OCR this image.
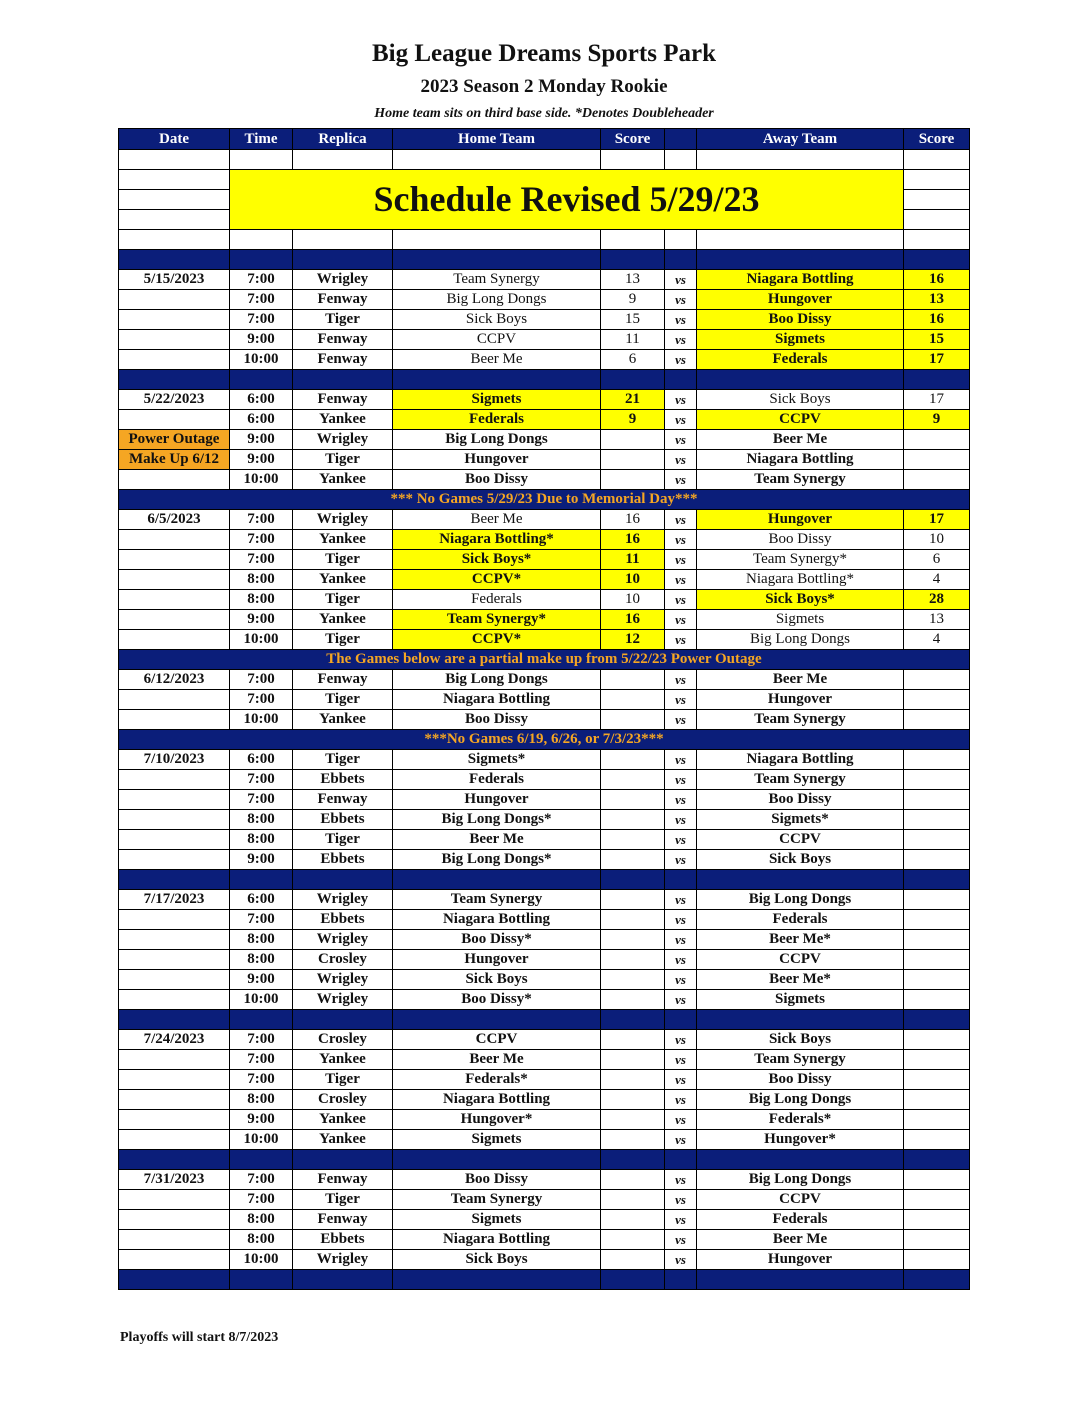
Big League Dreams Sports Park
2023 Season 2 Monday Rookie
Home team sits on third base side. *Denotes Doubleheader
Date	Time	Replica	Home Team	Score		Away Team	Score

	Schedule Revised 5/29/23						

5/15/2023	7:00	Wrigley	Team Synergy	13	vs	Niagara Bottling	16
	7:00	Fenway	Big Long Dongs	9	vs	Hungover	13
	7:00	Tiger	Sick Boys	15	vs	Boo Dissy	16
	9:00	Fenway	CCPV	11	vs	Sigmets	15
	10:00	Fenway	Beer Me	6	vs	Federals	17

5/22/2023	6:00	Fenway	Sigmets	21	vs	Sick Boys	17
	6:00	Yankee	Federals	9	vs	CCPV	9
Power Outage	9:00	Wrigley	Big Long Dongs		vs	Beer Me	
Make Up 6/12	9:00	Tiger	Hungover		vs	Niagara Bottling	
	10:00	Yankee	Boo Dissy		vs	Team Synergy	
*** No Games 5/29/23 Due to Memorial Day***							
6/5/2023	7:00	Wrigley	Beer Me	16	vs	Hungover	17
	7:00	Yankee	Niagara Bottling*	16	vs	Boo Dissy	10
	7:00	Tiger	Sick Boys*	11	vs	Team Synergy*	6
	8:00	Yankee	CCPV*	10	vs	Niagara Bottling*	4
	8:00	Tiger	Federals	10	vs	Sick Boys*	28
	9:00	Yankee	Team Synergy*	16	vs	Sigmets	13
	10:00	Tiger	CCPV*	12	vs	Big Long Dongs	4
The Games below are a partial make up from 5/22/23 Power Outage							
6/12/2023	7:00	Fenway	Big Long Dongs		vs	Beer Me	
	7:00	Tiger	Niagara Bottling		vs	Hungover	
	10:00	Yankee	Boo Dissy		vs	Team Synergy	
***No Games 6/19, 6/26, or 7/3/23***							
7/10/2023	6:00	Tiger	Sigmets*		vs	Niagara Bottling	
	7:00	Ebbets	Federals		vs	Team Synergy	
	7:00	Fenway	Hungover		vs	Boo Dissy	
	8:00	Ebbets	Big Long Dongs*		vs	Sigmets*	
	8:00	Tiger	Beer Me		vs	CCPV	
	9:00	Ebbets	Big Long Dongs*		vs	Sick Boys	

7/17/2023	6:00	Wrigley	Team Synergy		vs	Big Long Dongs	
	7:00	Ebbets	Niagara Bottling		vs	Federals	
	8:00	Wrigley	Boo Dissy*		vs	Beer Me*	
	8:00	Crosley	Hungover		vs	CCPV	
	9:00	Wrigley	Sick Boys		vs	Beer Me*	
	10:00	Wrigley	Boo Dissy*		vs	Sigmets	

7/24/2023	7:00	Crosley	CCPV		vs	Sick Boys	
	7:00	Yankee	Beer Me		vs	Team Synergy	
	7:00	Tiger	Federals*		vs	Boo Dissy	
	8:00	Crosley	Niagara Bottling		vs	Big Long Dongs	
	9:00	Yankee	Hungover*		vs	Federals*	
	10:00	Yankee	Sigmets		vs	Hungover*	

7/31/2023	7:00	Fenway	Boo Dissy		vs	Big Long Dongs	
	7:00	Tiger	Team Synergy		vs	CCPV	
	8:00	Fenway	Sigmets		vs	Federals	
	8:00	Ebbets	Niagara Bottling		vs	Beer Me	
	10:00	Wrigley	Sick Boys		vs	Hungover	

Playoffs will start 8/7/2023
